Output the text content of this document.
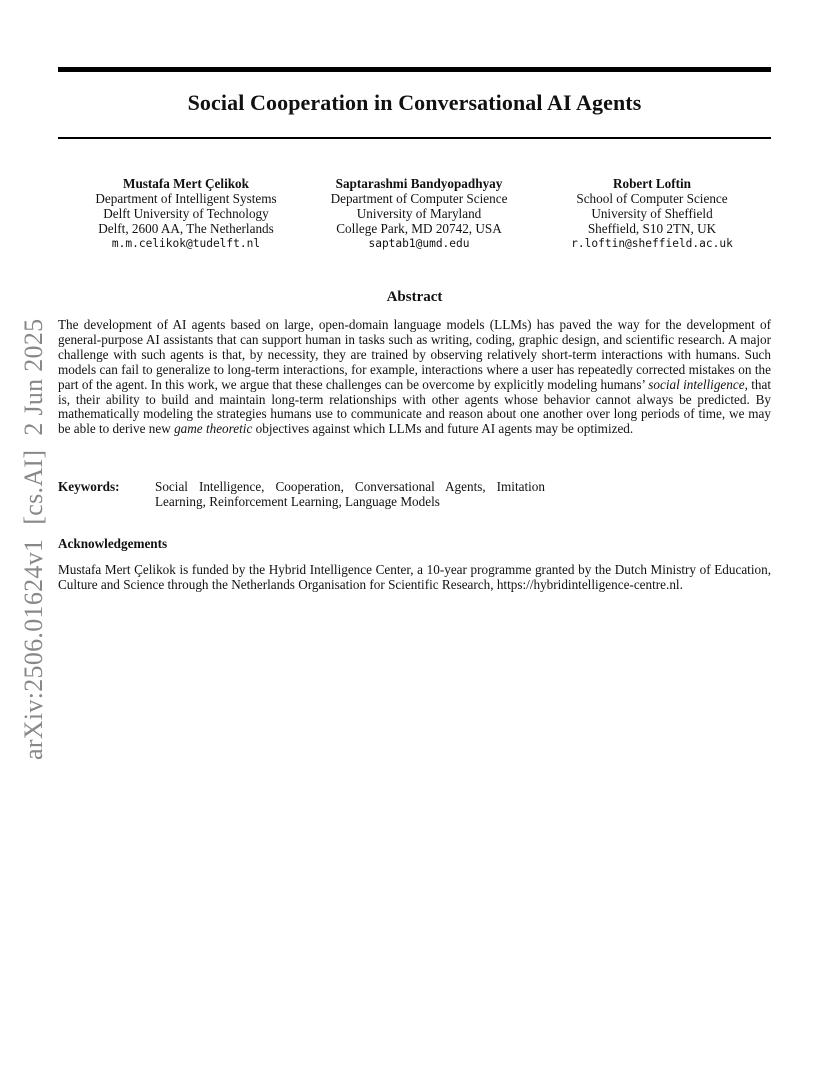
Social Cooperation in Conversational AI Agents
Mustafa Mert Çelikok
Department of Intelligent Systems
Delft University of Technology
Delft, 2600 AA, The Netherlands
m.m.celikok@tudelft.nl
Saptarashmi Bandyopadhyay
Department of Computer Science
University of Maryland
College Park, MD 20742, USA
saptab1@umd.edu
Robert Loftin
School of Computer Science
University of Sheffield
Sheffield, S10 2TN, UK
r.loftin@sheffield.ac.uk
Abstract
The development of AI agents based on large, open-domain language models (LLMs) has paved the way for the development of general-purpose AI assistants that can support human in tasks such as writing, coding, graphic design, and scientific research. A major challenge with such agents is that, by necessity, they are trained by observing relatively short-term interactions with humans. Such models can fail to generalize to long-term interactions, for example, interactions where a user has repeatedly corrected mistakes on the part of the agent. In this work, we argue that these challenges can be overcome by explicitly modeling humans’ social intelligence, that is, their ability to build and maintain long-term relationships with other agents whose behavior cannot always be predicted. By mathematically modeling the strategies humans use to communicate and reason about one another over long periods of time, we may be able to derive new game theoretic objectives against which LLMs and future AI agents may be optimized.
Keywords:	Social Intelligence, Cooperation, Conversational Agents, Imitation Learning, Reinforcement Learning, Language Models
Acknowledgements
Mustafa Mert Çelikok is funded by the Hybrid Intelligence Center, a 10-year programme granted by the Dutch Ministry of Education, Culture and Science through the Netherlands Organisation for Scientific Research, https://hybridintelligence-centre.nl.
arXiv:2506.01624v1[cs.AI]2 Jun 2025
